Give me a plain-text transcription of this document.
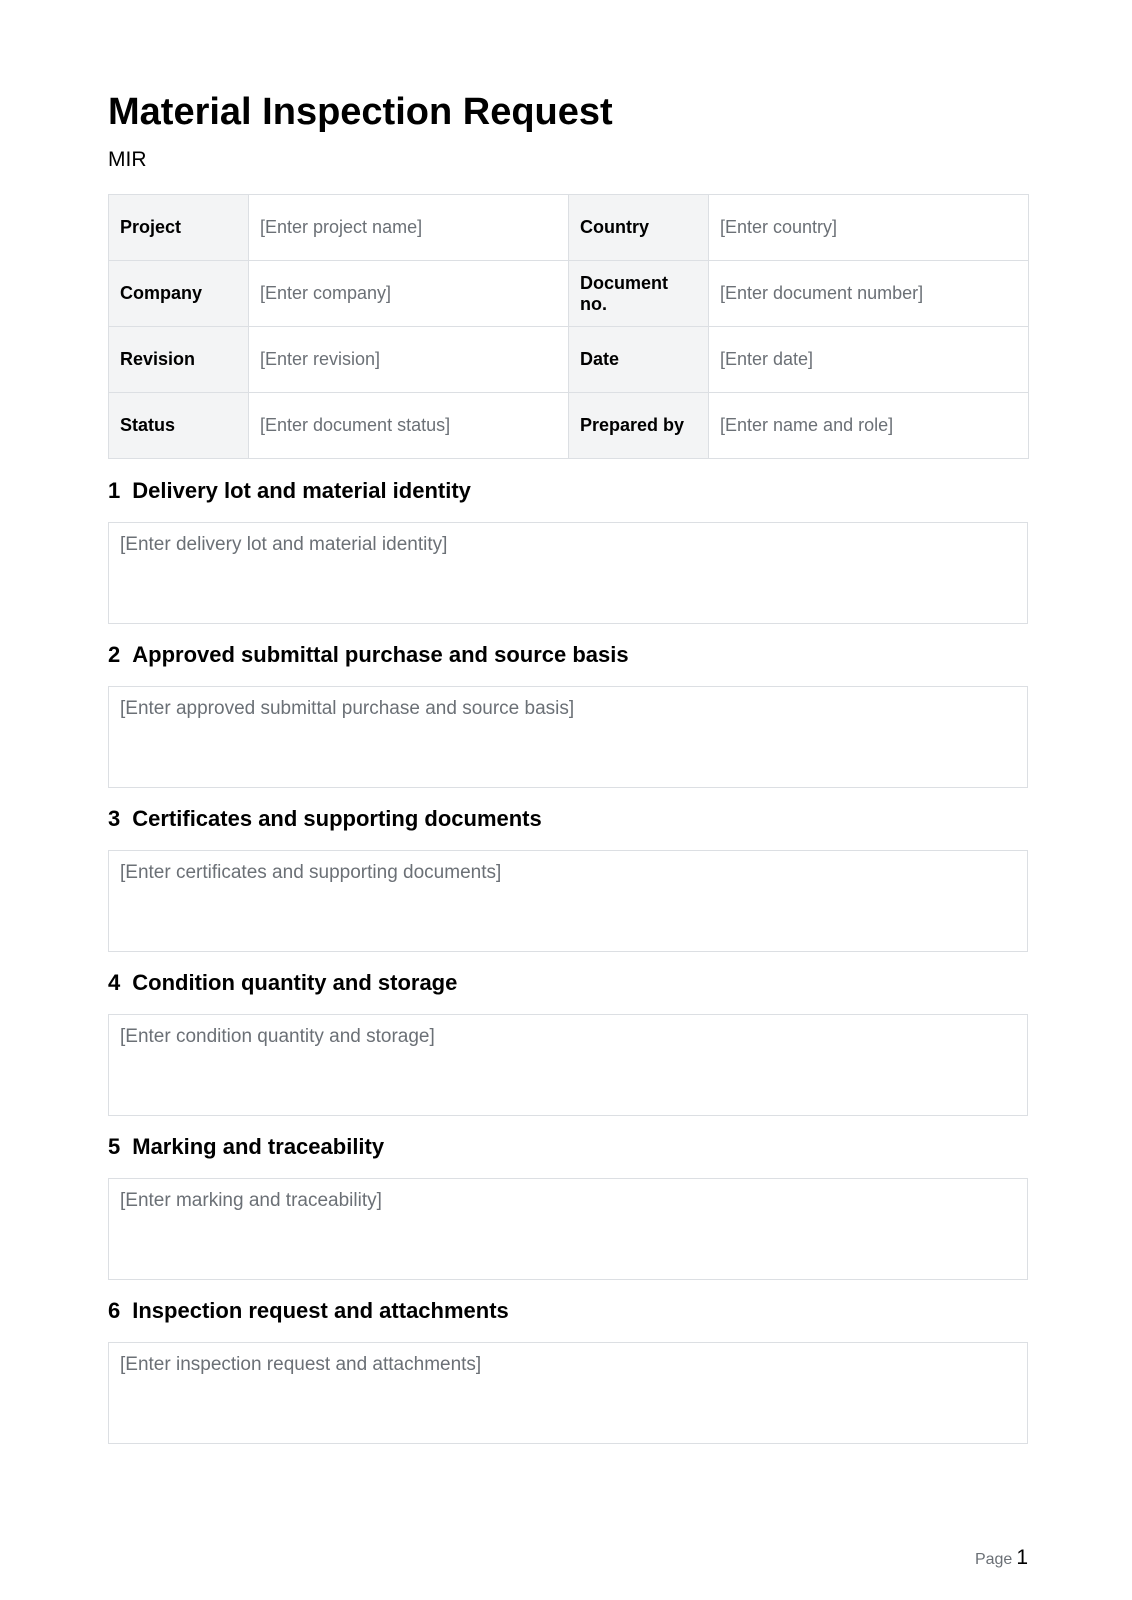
Material Inspection Request
MIR
Project	[Enter project name]	Country	[Enter country]
Company	[Enter company]	Document no.	[Enter document number]
Revision	[Enter revision]	Date	[Enter date]
Status	[Enter document status]	Prepared by	[Enter name and role]
1 Delivery lot and material identity
[Enter delivery lot and material identity]
2 Approved submittal purchase and source basis
[Enter approved submittal purchase and source basis]
3 Certificates and supporting documents
[Enter certificates and supporting documents]
4 Condition quantity and storage
[Enter condition quantity and storage]
5 Marking and traceability
[Enter marking and traceability]
6 Inspection request and attachments
[Enter inspection request and attachments]
Page 1
